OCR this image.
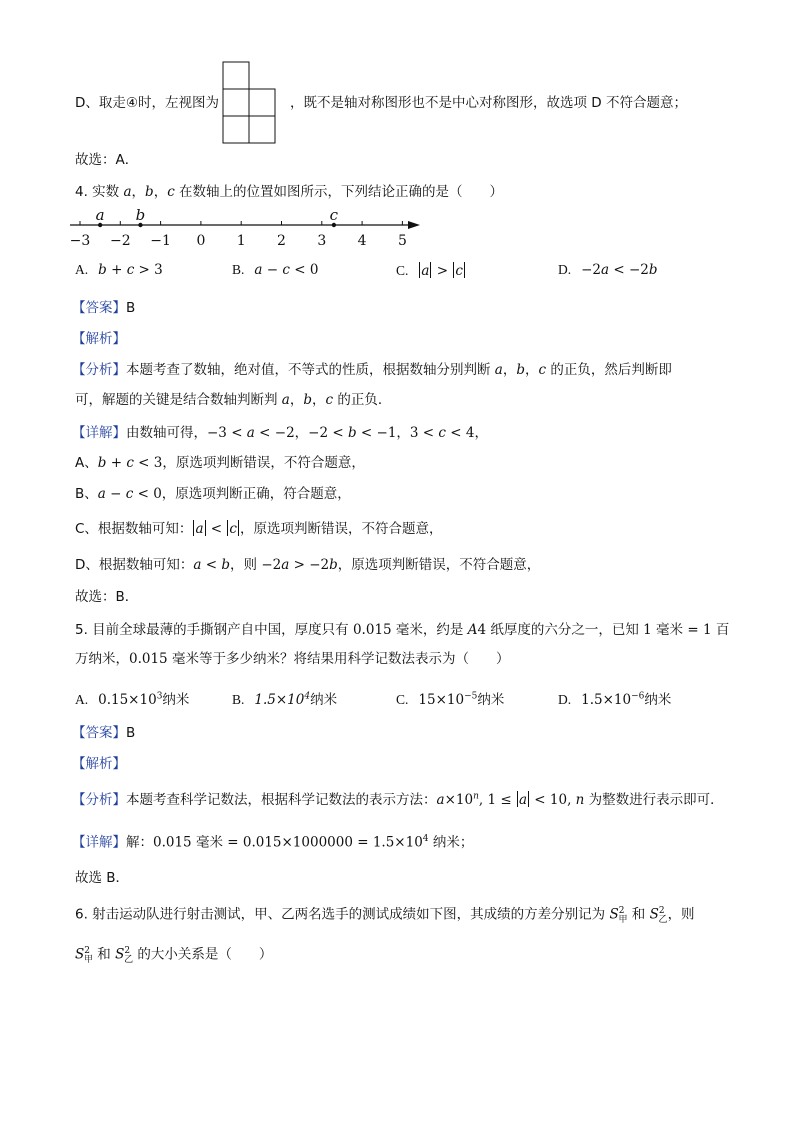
D、取走④时，左视图为	，既不是轴对称图形也不是中心对称图形，故选项 D 不符合题意；
故选：A．
4. 实数 a，b，c 在数轴上的位置如图所示，下列结论正确的是（　　）
−3 −2 −1 0 1 2 3 4 5
a b	c
A. b + c > 3	B. a − c < 0	C. a > c	D. −2a < −2b
【答案】B
【解析】
【分析】本题考查了数轴，绝对值，不等式的性质，根据数轴分别判断 a，b，c 的正负，然后判断即
可，解题的关键是结合数轴判断判 a，b，c 的正负．
【详解】由数轴可得，−3 < a < −2，−2 < b < −1，3 < c < 4，
A、b + c < 3，原选项判断错误，不符合题意，
B、a − c < 0，原选项判断正确，符合题意，
C、根据数轴可知： a < c ，原选项判断错误，不符合题意，
D、根据数轴可知：a < b，则 −2a > −2b，原选项判断错误，不符合题意，
故选：B．
5. 目前全球最薄的手撕钢产自中国，厚度只有 0.015 毫米，约是 A4 纸厚度的六分之一，已知 1 毫米 = 1 百
万纳米，0.015 毫米等于多少纳米？将结果用科学记数法表示为（　　）
A. $0.15\times 10^3$纳米	B. $1.5\times 10^4$纳米	C. $15\times 10^{-5}$纳米	D. $1.5\times 10^{-6}$纳米
【答案】B
【解析】
【分析】本题考查科学记数法，根据科学记数法的表示方法：$a\times 10^n$, 1 ≤ a < 10, n 为整数进行表示即可．
【详解】解：0.015 毫米 = $0.015\times 1000000 = 1.5\times 10^4$ 纳米；
故选 B．
6. 射击运动队进行射击测试，甲、乙两名选手的测试成绩如下图，其成绩的方差分别记为 $S^2_甲$ 和 $S^2_乙$，则
$S^2_甲$ 和 $S^2_乙$ 的大小关系是（　　）
